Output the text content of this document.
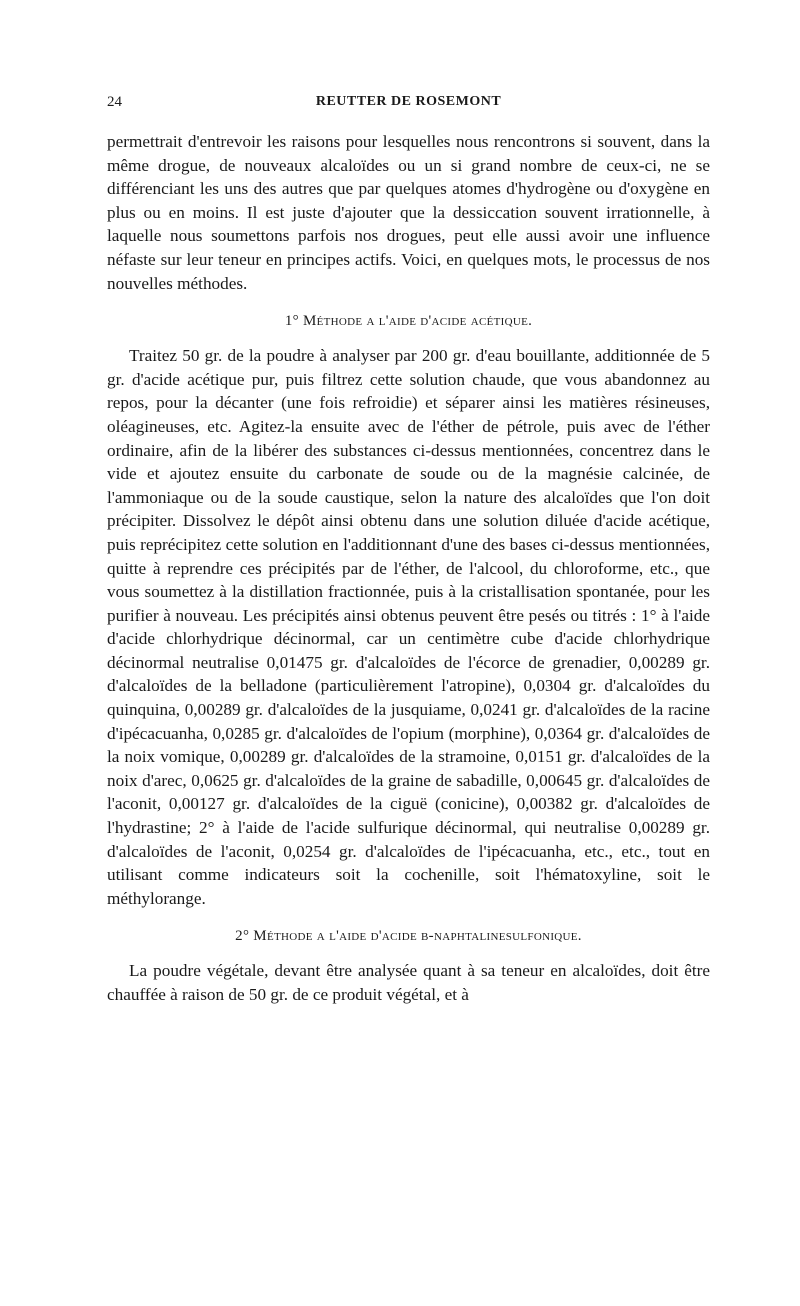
24	REUTTER DE ROSEMONT

permettrait d'entrevoir les raisons pour lesquelles nous rencontrons si souvent, dans la même drogue, de nouveaux alcaloïdes ou un si grand nombre de ceux-ci, ne se différenciant les uns des autres que par quelques atomes d'hydrogène ou d'oxygène en plus ou en moins. Il est juste d'ajouter que la dessiccation souvent irrationnelle, à laquelle nous soumettons parfois nos drogues, peut elle aussi avoir une influence néfaste sur leur teneur en principes actifs. Voici, en quelques mots, le processus de nos nouvelles méthodes.

1° Méthode a l'aide d'acide acétique.

Traitez 50 gr. de la poudre à analyser par 200 gr. d'eau bouillante, additionnée de 5 gr. d'acide acétique pur, puis filtrez cette solution chaude, que vous abandonnez au repos, pour la décanter (une fois refroidie) et séparer ainsi les matières résineuses, oléagineuses, etc. Agitez-la ensuite avec de l'éther de pétrole, puis avec de l'éther ordinaire, afin de la libérer des substances ci-dessus mentionnées, concentrez dans le vide et ajoutez ensuite du carbonate de soude ou de la magnésie calcinée, de l'ammoniaque ou de la soude caustique, selon la nature des alcaloïdes que l'on doit précipiter. Dissolvez le dépôt ainsi obtenu dans une solution diluée d'acide acétique, puis reprécipitez cette solution en l'additionnant d'une des bases ci-dessus mentionnées, quitte à reprendre ces précipités par de l'éther, de l'alcool, du chloroforme, etc., que vous soumettez à la distillation fractionnée, puis à la cristallisation spontanée, pour les purifier à nouveau. Les précipités ainsi obtenus peuvent être pesés ou titrés : 1° à l'aide d'acide chlorhydrique décinormal, car un centimètre cube d'acide chlorhydrique décinormal neutralise 0,01475 gr. d'alcaloïdes de l'écorce de grenadier, 0,00289 gr. d'alcaloïdes de la belladone (particulièrement l'atropine), 0,0304 gr. d'alcaloïdes du quinquina, 0,00289 gr. d'alcaloïdes de la jusquiame, 0,0241 gr. d'alcaloïdes de la racine d'ipécacuanha, 0,0285 gr. d'alcaloïdes de l'opium (morphine), 0,0364 gr. d'alcaloïdes de la noix vomique, 0,00289 gr. d'alcaloïdes de la stramoine, 0,0151 gr. d'alcaloïdes de la noix d'arec, 0,0625 gr. d'alcaloïdes de la graine de sabadille, 0,00645 gr. d'alcaloïdes de l'aconit, 0,00127 gr. d'alcaloïdes de la ciguë (conicine), 0,00382 gr. d'alcaloïdes de l'hydrastine; 2° à l'aide de l'acide sulfurique décinormal, qui neutralise 0,00289 gr. d'alcaloïdes de l'aconit, 0,0254 gr. d'alcaloïdes de l'ipécacuanha, etc., etc., tout en utilisant comme indicateurs soit la cochenille, soit l'hématoxyline, soit le méthylorange.

2° Méthode a l'aide d'acide β-naphtalinesulfonique.

La poudre végétale, devant être analysée quant à sa teneur en alcaloïdes, doit être chauffée à raison de 50 gr. de ce produit végétal, et à
